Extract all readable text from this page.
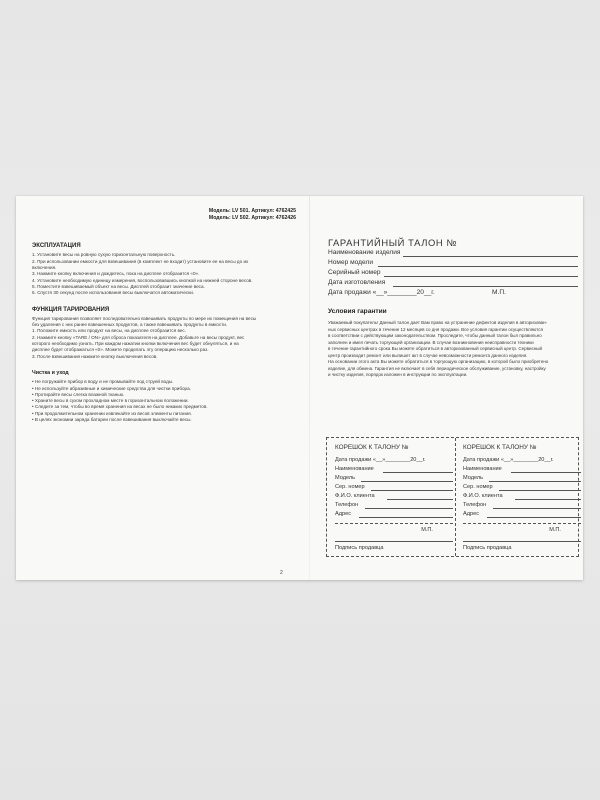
Модель: LV 501. Артикул: 4762425
Модель: LV 502. Артикул: 4762426
ЭКСПЛУАТАЦИЯ

1. Установите весы на ровную сухую горизонтальную поверхность.

2. При использовании емкости для взвешивания (в комплект не входит) установите ее на весы до их

включения.

3. Нажмите кнопку включения и дождитесь, пока на дисплее отобразится «0».

4. Установите необходимую единицу измерения, воспользовавшись кнопкой на нижней стороне весов.

5. Поместите взвешиваемый объект на весы. Дисплей отобразит значение веса.

6. Спустя 30 секунд после использования весы выключатся автоматически.

ФУНКЦИЯ ТАРИРОВАНИЯ

Функция тарирования позволяет последовательно взвешивать продукты по мере их помещения на весы

без удаления с них ранее взвешенных продуктов, а также взвешивать продукты в емкости.

1. Положите емкость или продукт на весы, на дисплее отобразится вес.

2. Нажмите кнопку «TARE / ON» для сброса показателя на дисплее. Добавьте на весы продукт, вес

которого необходимо узнать. При каждом нажатии кнопки включения вес будет обнуляться, и на

дисплее будет отображаться «0». Можете проделать эту операцию несколько раз.

3. После взвешивания нажмите кнопку выключения весов.

Чистка и уход

• Не погружайте прибор в воду и не промывайте под струей воды.

• Не используйте абразивные и химические средства для чистки прибора.

• Протирайте весы слегка влажной тканью.

• Храните весы в сухом прохладном месте в горизонтальном положении.

• Следите за тем, чтобы во время хранения на весах не было никаких предметов.

• При продолжительном хранении извлекайте из весов элементы питания.

• В целях экономии заряда батареи после взвешивания выключайте весы.

2
ГАРАНТИЙНЫЙ ТАЛОН №
Наименование изделия
Номер модели
Серийный номер
Дата изготовления
Дата продажи «__»________20__г.	М.П.
Условия гарантии

Уважаемый покупатель! Данный талон дает Вам право на устранение дефектов изделия в авторизован-

ных сервисных центрах в течение 12 месяцев со дня продажи. Все условия гарантии осуществляются

в соответствии с действующим законодательством. Проследите, чтобы данный талон был правильно

заполнен и имел печать торгующей организации. В случае возникновения неисправности техники

в течение гарантийного срока Вы можете обратиться в авторизованный сервисный центр. Сервисный

центр производит ремонт или выпишет акт в случае невозможности ремонта данного изделия.

На основании этого акта Вы можете обратиться в торгующую организацию, в которой было приобретено

изделие, для обмена. Гарантия не включает в себя периодическое обслуживание, установку, настройку

и чистку изделия, порядок изложен в инструкции по эксплуатации.

КОРЕШОК К ТАЛОНУ №
Дата продажи «__»________20__г.
Наименование
Модель
Сер. номер
Ф.И.О. клиента
Телефон
Адрес
М.П.
Подпись продавца
КОРЕШОК К ТАЛОНУ №
Дата продажи «__»________20__г.
Наименование
Модель
Сер. номер
Ф.И.О. клиента
Телефон
Адрес
М.П.
Подпись продавца
